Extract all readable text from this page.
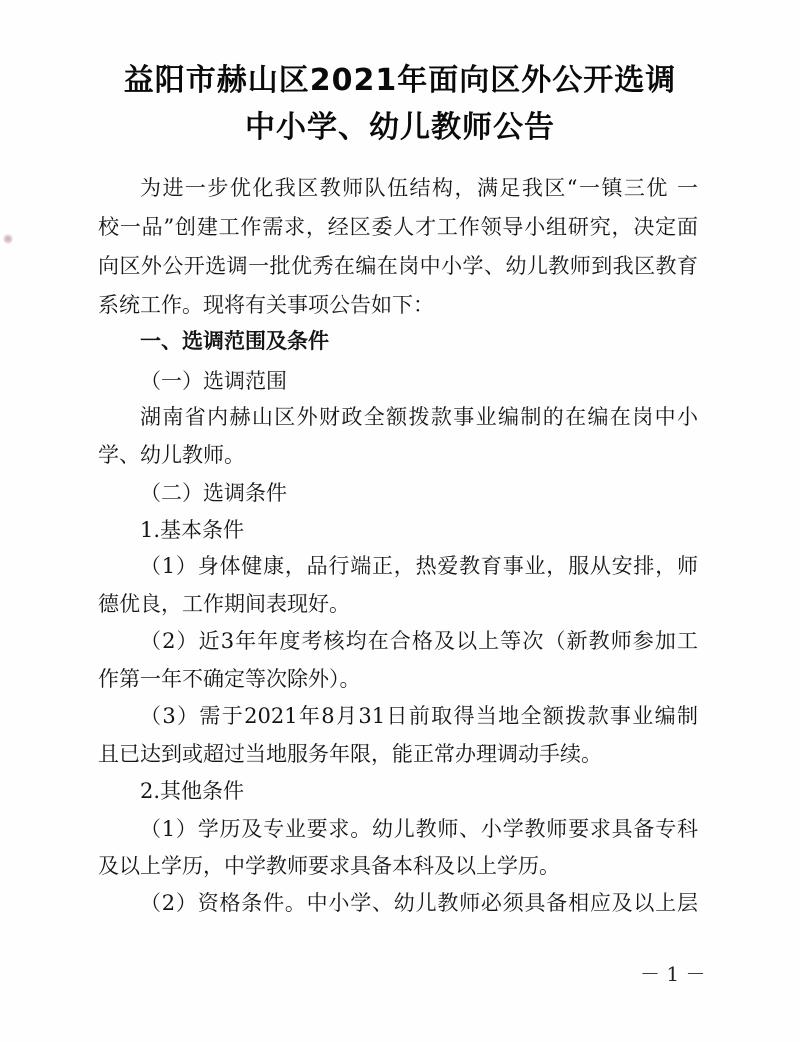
益阳市赫山区2021年面向区外公开选调
中小学、幼儿教师公告
为进一步优化我区教师队伍结构，满足我区“一镇三优 一
校一品”创建工作需求，经区委人才工作领导小组研究，决定面
向区外公开选调一批优秀在编在岗中小学、幼儿教师到我区教育
系统工作。现将有关事项公告如下：
一、选调范围及条件
（一）选调范围
湖南省内赫山区外财政全额拨款事业编制的在编在岗中小
学、幼儿教师。
（二）选调条件
1.基本条件
（1）身体健康，品行端正，热爱教育事业，服从安排，师
德优良，工作期间表现好。
（2）近3年年度考核均在合格及以上等次（新教师参加工
作第一年不确定等次除外）。
（3）需于2021年8月31日前取得当地全额拨款事业编制
且已达到或超过当地服务年限，能正常办理调动手续。
2.其他条件
（1）学历及专业要求。幼儿教师、小学教师要求具备专科
及以上学历，中学教师要求具备本科及以上学历。
（2）资格条件。中小学、幼儿教师必须具备相应及以上层
－ 1 －
